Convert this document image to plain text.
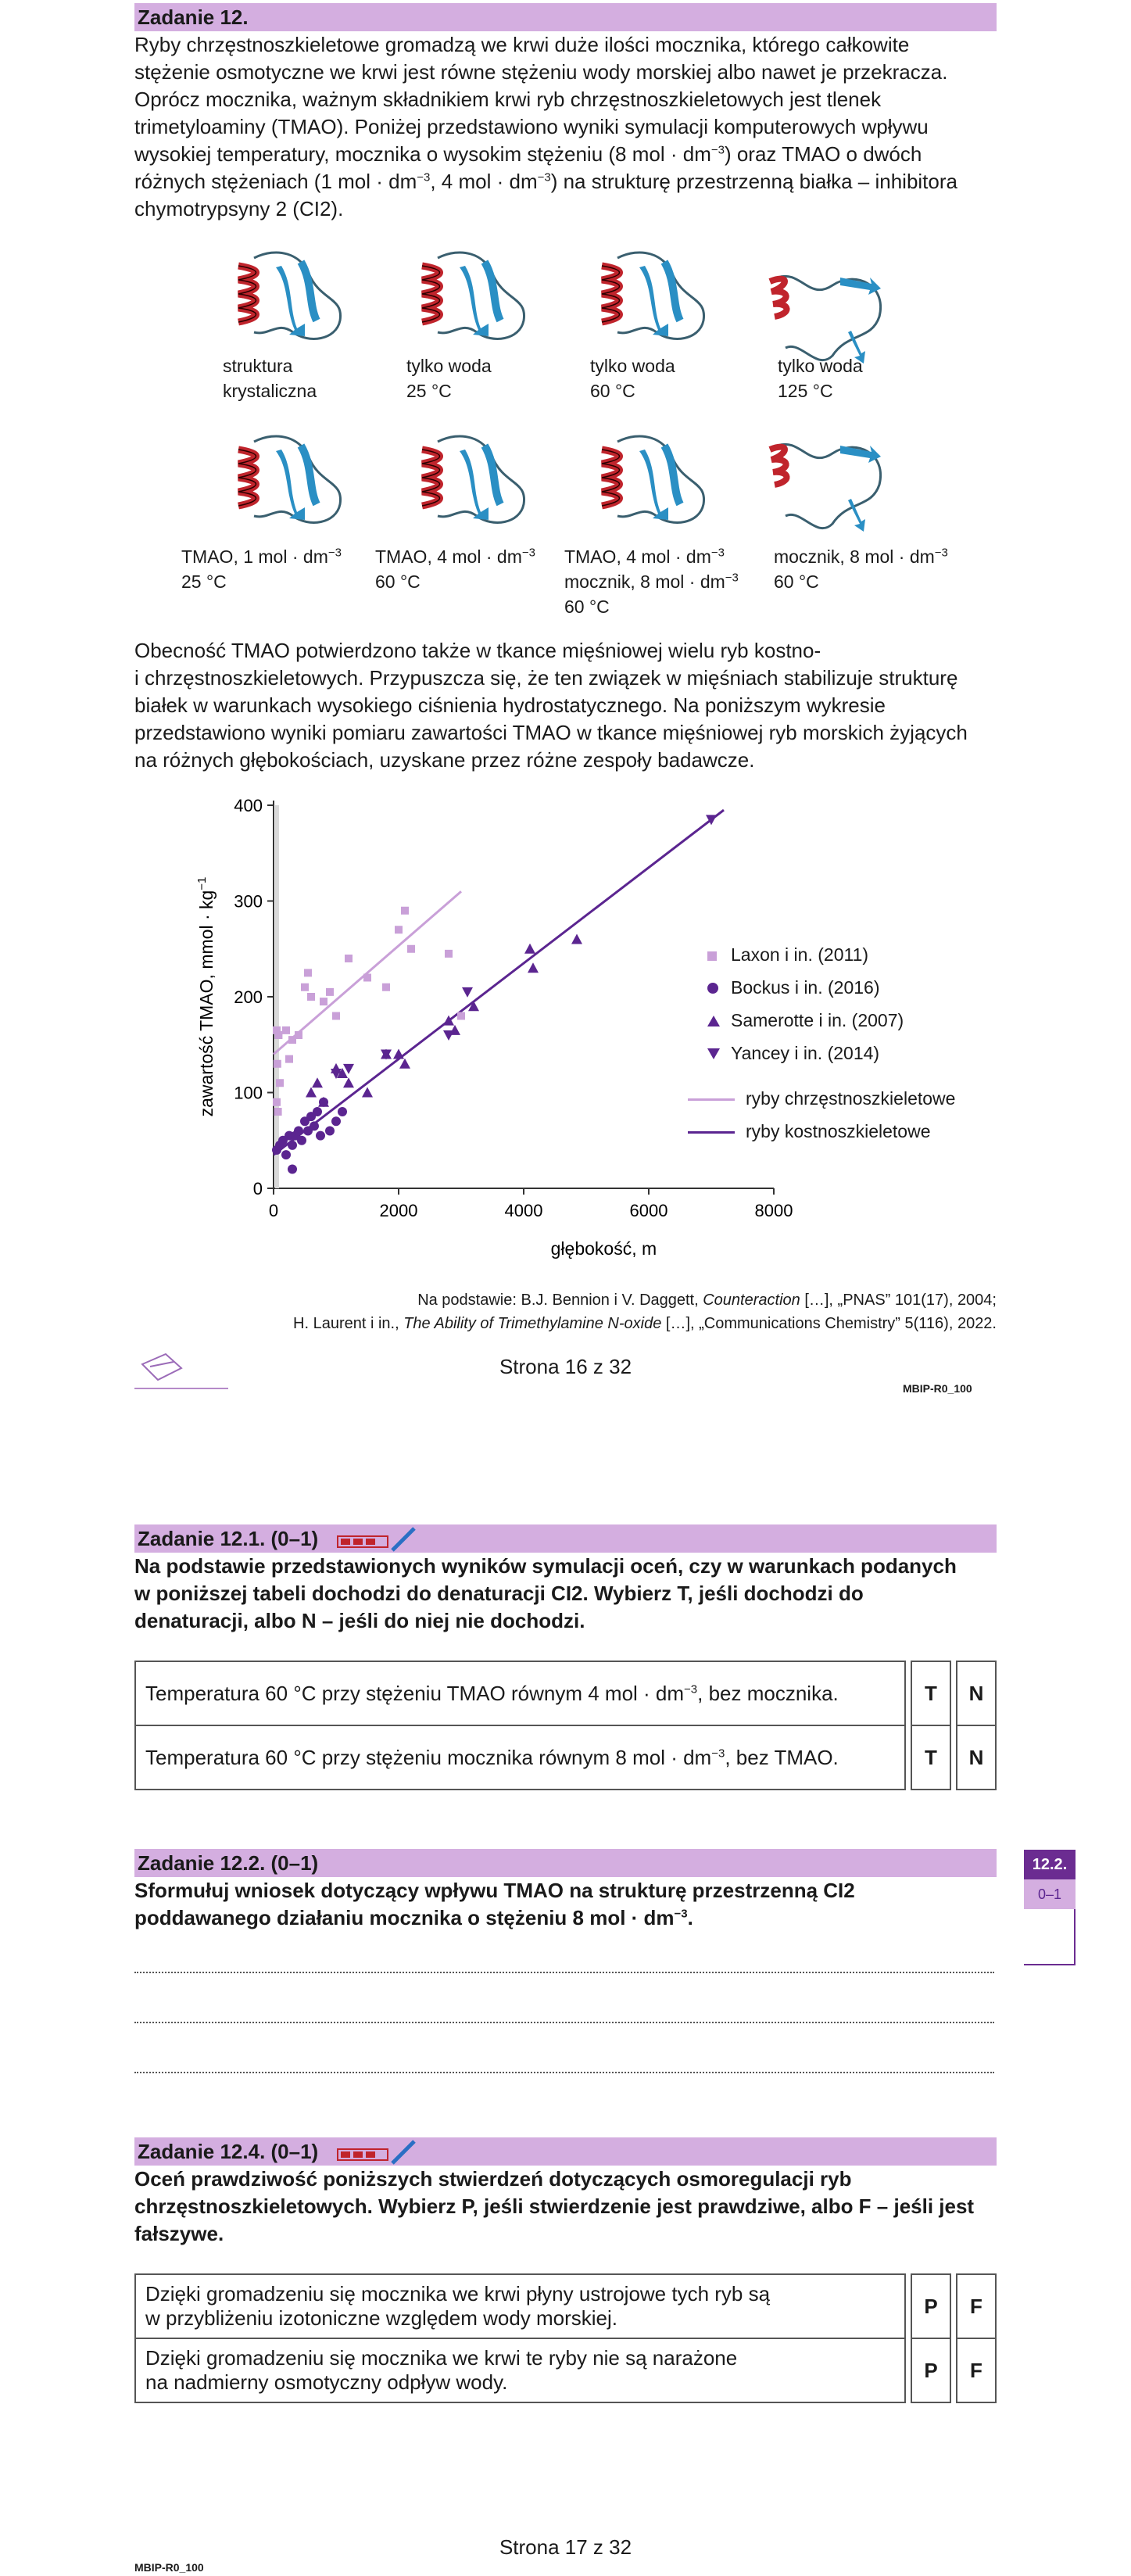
Zadanie 12.
Ryby chrzęstnoszkieletowe gromadzą we krwi duże ilości mocznika, którego całkowite
stężenie osmotyczne we krwi jest równe stężeniu wody morskiej albo nawet je przekracza.
Oprócz mocznika, ważnym składnikiem krwi ryb chrzęstnoszkieletowych jest tlenek
trimetyloaminy (TMAO). Poniżej przedstawiono wyniki symulacji komputerowych wpływu
wysokiej temperatury, mocznika o wysokim stężeniu (8 mol · $dm^{-3}$) oraz TMAO o dwóch
różnych stężeniach (1 mol · $dm^{-3}$, 4 mol · $dm^{-3}$) na strukturę przestrzenną białka – inhibitora
chymotrypsyny 2 (CI2).
struktura
krystaliczna
tylko woda
25 °C
tylko woda
60 °C
tylko woda
125 °C
TMAO, 1 mol · $dm^{-3}$
25 °C
TMAO, 4 mol · $dm^{-3}$
60 °C
TMAO, 4 mol · $dm^{-3}$
mocznik, 8 mol · $dm^{-3}$
60 °C
mocznik, 8 mol · $dm^{-3}$
60 °C
Obecność TMAO potwierdzono także w tkance mięśniowej wielu ryb kostno-
i chrzęstnoszkieletowych. Przypuszcza się, że ten związek w mięśniach stabilizuje strukturę
białek w warunkach wysokiego ciśnienia hydrostatycznego. Na poniższym wykresie
przedstawiono wyniki pomiaru zawartości TMAO w tkance mięśniowej ryb morskich żyjących
na różnych głębokościach, uzyskane przez różne zespoły badawcze.
0	2000	4000	6000	8000
0
100
200
300
400
głębokość, m
zawartość TMAO, mmol · $kg^{-1}$
Laxon i in. (2011)
Bockus i in. (2016)
Samerotte i in. (2007)
Yancey i in. (2014)
ryby chrzęstnoszkieletowe
ryby kostnoszkieletowe
Na podstawie: B.J. Bennion i V. Daggett, Counteraction […], „PNAS” 101(17), 2004;
H. Laurent i in., The Ability of Trimethylamine N-oxide […], „Communications Chemistry” 5(116), 2022.
Strona 16 z 32
MBIP-R0_100
Zadanie 12.1. (0–1)
Na podstawie przedstawionych wyników symulacji oceń, czy w warunkach podanych
w poniższej tabeli dochodzi do denaturacji CI2. Wybierz T, jeśli dochodzi do
denaturacji, albo N – jeśli do niej nie dochodzi.
Temperatura 60 °C przy stężeniu TMAO równym 4 mol · $dm^{-3}$, bez mocznika.		T		N
Temperatura 60 °C przy stężeniu mocznika równym 8 mol · $dm^{-3}$, bez TMAO.		T		N
Zadanie 12.2. (0–1)
Sformułuj wniosek dotyczący wpływu TMAO na strukturę przestrzenną CI2
poddawanego działaniu mocznika o stężeniu 8 mol · $dm^{-3}$.
12.2.
0–1
Zadanie 12.4. (0–1)
Oceń prawdziwość poniższych stwierdzeń dotyczących osmoregulacji ryb
chrzęstnoszkieletowych. Wybierz P, jeśli stwierdzenie jest prawdziwe, albo F – jeśli jest
fałszywe.
Dzięki gromadzeniu się mocznika we krwi płyny ustrojowe tych ryb są
w przybliżeniu izotoniczne względem wody morskiej.		P		F

Dzięki gromadzeniu się mocznika we krwi te ryby nie są narażone
na nadmierny osmotyczny odpływ wody.		P		F
Strona 17 z 32
MBIP-R0_100
